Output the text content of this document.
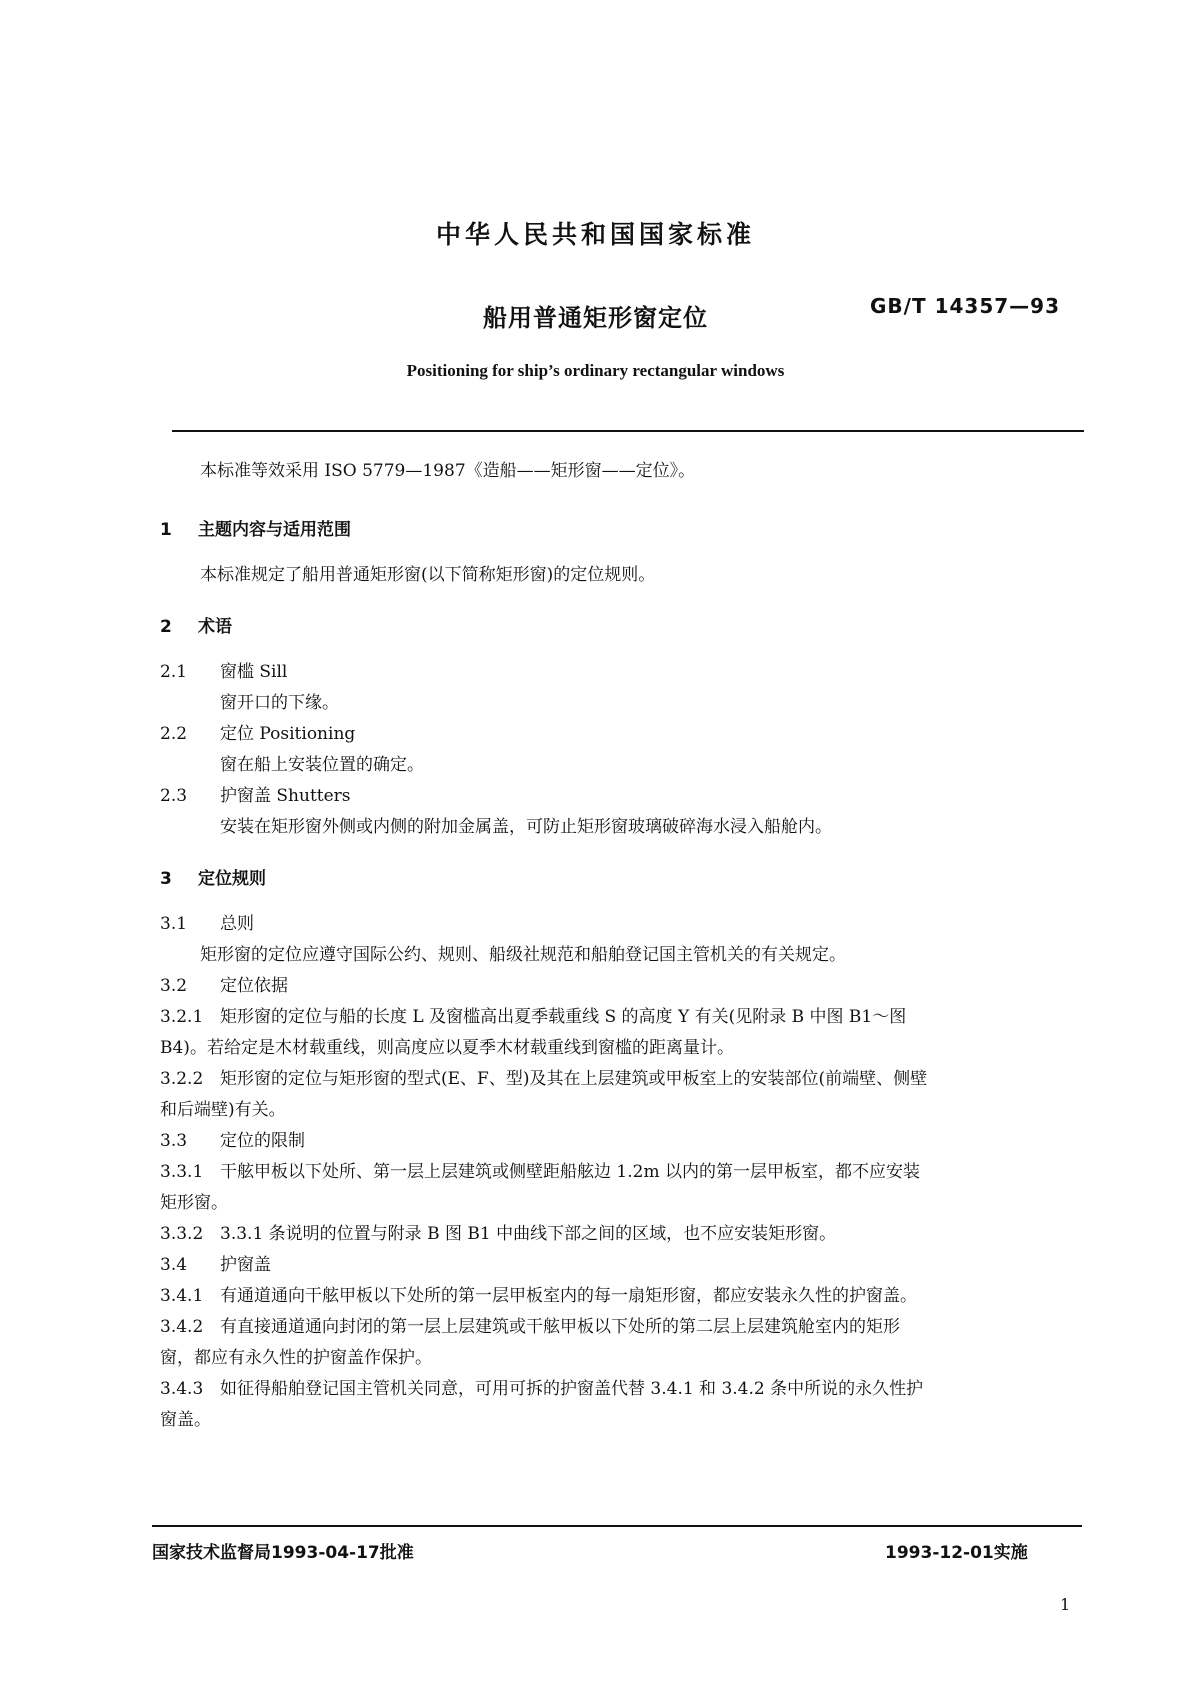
中华人民共和国国家标准
船用普通矩形窗定位	GB/T 14357—93
Positioning for ship’s ordinary rectangular windows
本标准等效采用 ISO 5779—1987《造船——矩形窗——定位》。
1 主题内容与适用范围
本标准规定了船用普通矩形窗(以下简称矩形窗)的定位规则。
2 术语
2.1 窗槛 Sill
窗开口的下缘。
2.2 定位 Positioning
窗在船上安装位置的确定。
2.3 护窗盖 Shutters
安装在矩形窗外侧或内侧的附加金属盖，可防止矩形窗玻璃破碎海水浸入船舱内。
3 定位规则
3.1 总则
矩形窗的定位应遵守国际公约、规则、船级社规范和船舶登记国主管机关的有关规定。
3.2 定位依据
3.2.1 矩形窗的定位与船的长度 L 及窗槛高出夏季载重线 S 的高度 Y 有关(见附录 B 中图 B1～图
B4)。若给定是木材载重线，则高度应以夏季木材载重线到窗槛的距离量计。
3.2.2 矩形窗的定位与矩形窗的型式(E、F、型)及其在上层建筑或甲板室上的安装部位(前端壁、侧壁
和后端壁)有关。
3.3 定位的限制
3.3.1 干舷甲板以下处所、第一层上层建筑或侧壁距船舷边 1.2m 以内的第一层甲板室，都不应安装
矩形窗。
3.3.2 3.3.1 条说明的位置与附录 B 图 B1 中曲线下部之间的区域，也不应安装矩形窗。
3.4 护窗盖
3.4.1 有通道通向干舷甲板以下处所的第一层甲板室内的每一扇矩形窗，都应安装永久性的护窗盖。
3.4.2 有直接通道通向封闭的第一层上层建筑或干舷甲板以下处所的第二层上层建筑舱室内的矩形
窗，都应有永久性的护窗盖作保护。
3.4.3 如征得船舶登记国主管机关同意，可用可拆的护窗盖代替 3.4.1 和 3.4.2 条中所说的永久性护
窗盖。
国家技术监督局1993-04-17批准	1993-12-01实施
1
